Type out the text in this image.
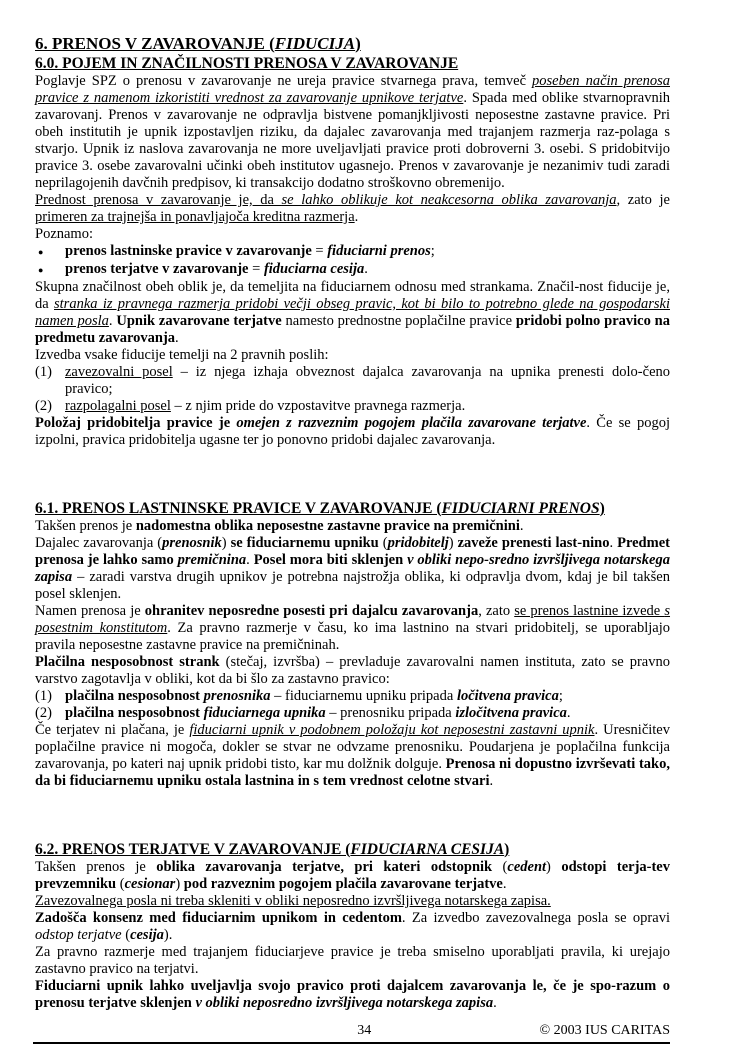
6. PRENOS V ZAVAROVANJE (FIDUCIJA)
6.0. POJEM IN ZNAČILNOSTI PRENOSA V ZAVAROVANJE
Poglavje SPZ o prenosu v zavarovanje ne ureja pravice stvarnega prava, temveč poseben način prenosa pravice z namenom izkoristiti vrednost za zavarovanje upnikove terjatve. Spada med oblike stvarnopravnih zavarovanj. Prenos v zavarovanje ne odpravlja bistvene pomanjkljivosti neposestne zastavne pravice. Pri obeh institutih je upnik izpostavljen riziku, da dajalec zavarovanja med trajanjem razmerja raz-polaga s stvarjo. Upnik iz naslova zavarovanja ne more uveljavljati pravice proti dobroverni 3. osebi. S pridobitvijo pravice 3. osebe zavarovalni učinki obeh institutov ugasnejo. Prenos v zavarovanje je nezanimiv tudi zaradi neprilagojenih davčnih predpisov, ki transakcijo dodatno stroškovno obremenijo.
Prednost prenosa v zavarovanje je, da se lahko oblikuje kot neakcesorna oblika zavarovanja, zato je primeren za trajnejša in ponavljajoča kreditna razmerja.
Poznamo:
● prenos lastninske pravice v zavarovanje = fiduciarni prenos;
● prenos terjatve v zavarovanje = fiduciarna cesija.
Skupna značilnost obeh oblik je, da temeljita na fiduciarnem odnosu med strankama. Značil-nost fiducije je, da stranka iz pravnega razmerja pridobi večji obseg pravic, kot bi bilo to potrebno glede na gospodarski namen posla. Upnik zavarovane terjatve namesto prednostne poplačilne pravice pridobi polno pravico na predmetu zavarovanja.
Izvedba vsake fiducije temelji na 2 pravnih poslih:
(1) zavezovalni posel – iz njega izhaja obveznost dajalca zavarovanja na upnika prenesti dolo-čeno pravico;
(2) razpolagalni posel – z njim pride do vzpostavitve pravnega razmerja.
Položaj pridobitelja pravice je omejen z razveznim pogojem plačila zavarovane terjatve. Če se pogoj izpolni, pravica pridobitelja ugasne ter jo ponovno pridobi dajalec zavarovanja.
6.1. PRENOS LASTNINSKE PRAVICE V ZAVAROVANJE (FIDUCIARNI PRENOS)
Takšen prenos je nadomestna oblika neposestne zastavne pravice na premičnini.
Dajalec zavarovanja (prenosnik) se fiduciarnemu upniku (pridobitelj) zaveže prenesti last-nino. Predmet prenosa je lahko samo premičnina. Posel mora biti sklenjen v obliki nepo-sredno izvršljivega notarskega zapisa – zaradi varstva drugih upnikov je potrebna najstrožja oblika, ki odpravlja dvom, kdaj je bil takšen posel sklenjen.
Namen prenosa je ohranitev neposredne posesti pri dajalcu zavarovanja, zato se prenos lastnine izvede s posestnim konstitutom. Za pravno razmerje v času, ko ima lastnino na stvari pridobitelj, se uporabljajo pravila neposestne zastavne pravice na premičninah.
Plačilna nesposobnost strank (stečaj, izvršba) – prevladuje zavarovalni namen instituta, zato se pravno varstvo zagotavlja v obliki, kot da bi šlo za zastavno pravico:
(1) plačilna nesposobnost prenosnika – fiduciarnemu upniku pripada ločitvena pravica;
(2) plačilna nesposobnost fiduciarnega upnika – prenosniku pripada izločitvena pravica.
Če terjatev ni plačana, je fiduciarni upnik v podobnem položaju kot neposestni zastavni upnik. Uresničitev poplačilne pravice ni mogoča, dokler se stvar ne odvzame prenosniku. Poudarjena je poplačilna funkcija zavarovanja, po kateri naj upnik pridobi tisto, kar mu dolžnik dolguje. Prenosa ni dopustno izvrševati tako, da bi fiduciarnemu upniku ostala lastnina in s tem vrednost celotne stvari.
6.2. PRENOS TERJATVE V ZAVAROVANJE (FIDUCIARNA CESIJA)
Takšen prenos je oblika zavarovanja terjatve, pri kateri odstopnik (cedent) odstopi terja-tev prevzemniku (cesionar) pod razveznim pogojem plačila zavarovane terjatve.
Zavezovalnega posla ni treba skleniti v obliki neposredno izvršljivega notarskega zapisa.
Zadošča konsenz med fiduciarnim upnikom in cedentom. Za izvedbo zavezovalnega posla se opravi odstop terjatve (cesija).
Za pravno razmerje med trajanjem fiduciarjeve pravice je treba smiselno uporabljati pravila, ki urejajo zastavno pravico na terjatvi.
Fiduciarni upnik lahko uveljavlja svojo pravico proti dajalcem zavarovanja le, če je spo-razum o prenosu terjatve sklenjen v obliki neposredno izvršljivega notarskega zapisa.
34	© 2003 IUS CARITAS
